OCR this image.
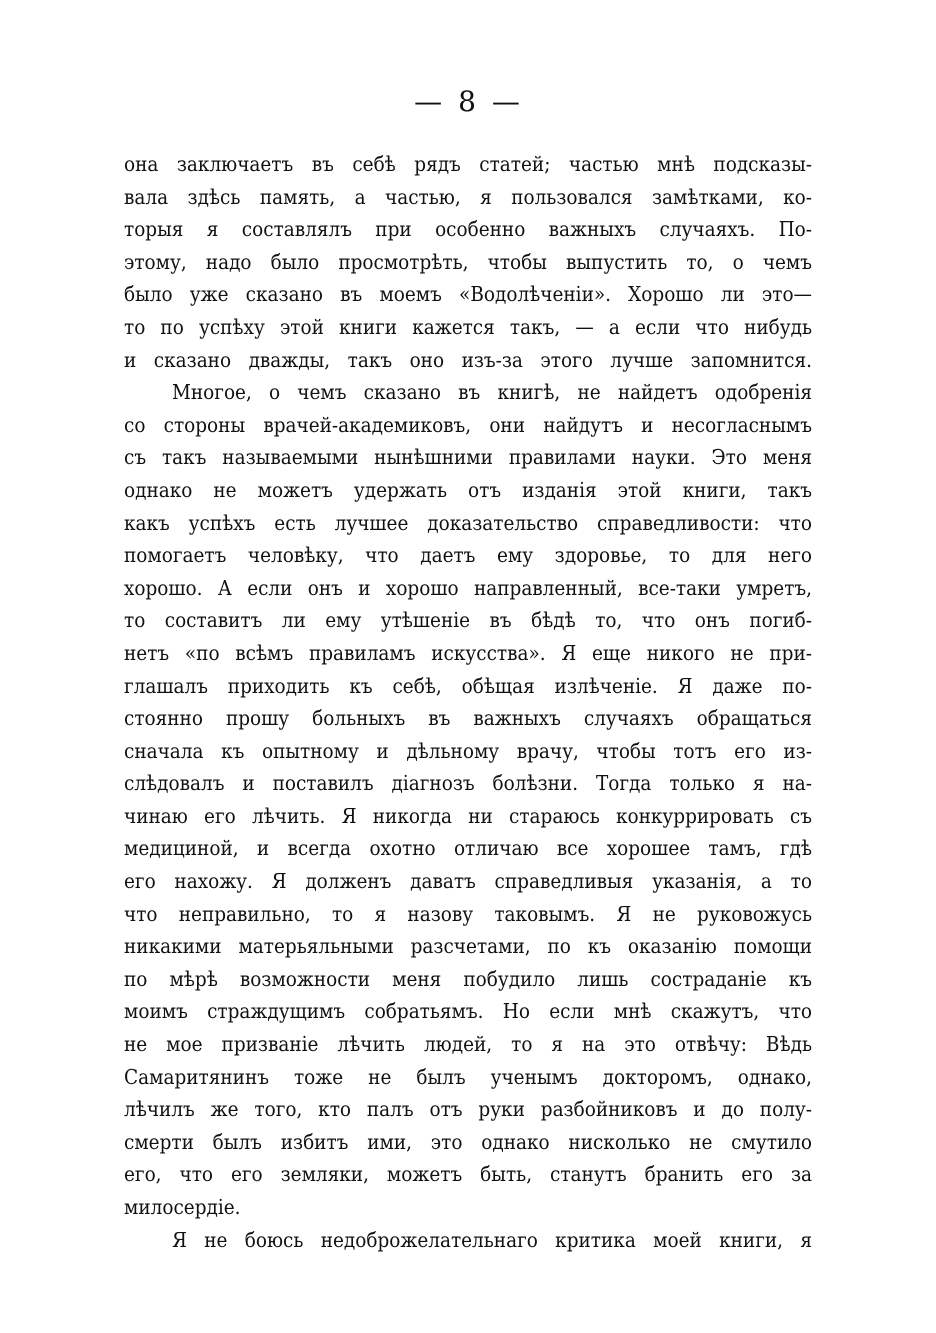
— 8 —
она заключаетъ въ себѣ рядъ статей; частью мнѣ подсказы-
вала здѣсь память, а частью, я пользовался замѣтками, ко-
торыя я составлялъ при особенно важныхъ случаяхъ. По-
этому, надо было просмотрѣть, чтобы выпустить то, о чемъ
было уже сказано въ моемъ «Водолѣченіи». Хорошо ли это—
то по успѣху этой книги кажется такъ, — а если что нибудь
и сказано дважды, такъ оно изъ-за этого лучше запомнится.
Многое, о чемъ сказано въ книгѣ, не найдетъ одобренія
со стороны врачей-академиковъ, они найдутъ и несогласнымъ
съ такъ называемыми нынѣшними правилами науки. Это меня
однако не можетъ удержать отъ изданія этой книги, такъ
какъ успѣхъ есть лучшее доказательство справедливости: что
помогаетъ человѣку, что даетъ ему здоровье, то для него
хорошо. А если онъ и хорошо направленный, все-таки умретъ,
то составитъ ли ему утѣшеніе въ бѣдѣ то, что онъ погиб-
нетъ «по всѣмъ правиламъ искусства». Я еще никого не при-
глашалъ приходить къ себѣ, обѣщая излѣченіе. Я даже по-
стоянно прошу больныхъ въ важныхъ случаяхъ обращаться
сначала къ опытному и дѣльному врачу, чтобы тотъ его из-
слѣдовалъ и поставилъ діагнозъ болѣзни. Тогда только я на-
чинаю его лѣчить. Я никогда ни стараюсь конкуррировать съ
медициной, и всегда охотно отличаю все хорошее тамъ, гдѣ
его нахожу. Я долженъ даватъ справедливыя указанія, а то
что неправильно, то я назову таковымъ. Я не руковожусь
никакими матерьяльными разсчетами, по къ оказанію помощи
по мѣрѣ возможности меня побудило лишь состраданіе къ
моимъ страждущимъ собратьямъ. Но если мнѣ скажутъ, что
не мое призваніе лѣчить людей, то я на это отвѣчу: Вѣдь
Самаритянинъ тоже не былъ ученымъ докторомъ, однако,
лѣчилъ же того, кто палъ отъ руки разбойниковъ и до полу-
смерти былъ избитъ ими, это однако нисколько не смутило
его, что его земляки, можетъ быть, станутъ бранить его за
милосердіе.
Я не боюсь недоброжелательнаго критика моей книги, я
